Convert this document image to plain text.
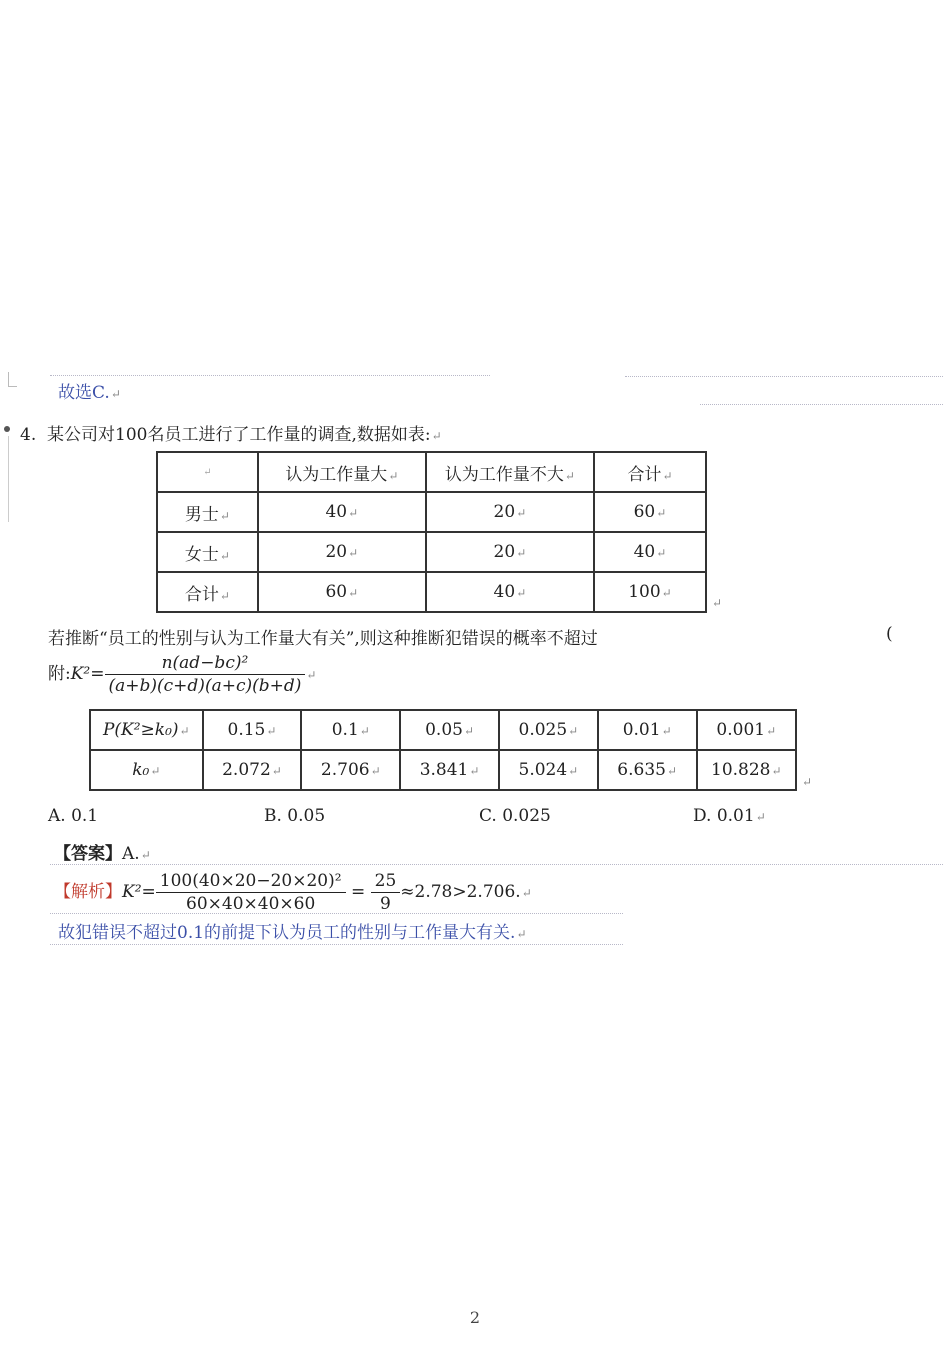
故选C.↵
4. 某公司对100名员工进行了工作量的调查,数据如表:↵
↵	认为工作量大↵	认为工作量不大↵	合计↵
男士↵	40↵	20↵	60↵
女士↵	20↵	20↵	40↵
合计↵	60↵	40↵	100↵
↵
若推断“员工的性别与认为工作量大有关”,则这种推断犯错误的概率不超过	(
附:K²= $\frac{\text{n(ad−bc)²}}{(a+b)(c+d)(a+c)(b+d)}$ ↵
P(K²≥k₀)↵	0.15↵	0.1↵	0.05↵	0.025↵	0.01↵	0.001↵
k₀↵	2.072↵	2.706↵	3.841↵	5.024↵	6.635↵	10.828↵
↵
A. 0.1	B. 0.05	C. 0.025	D. 0.01↵
【答案】A.↵
【解析】$K^2= \frac{\text{100(40×20−20×20)²}}{60\times 40\times 40\times 60} = \frac{25}{9}$ ≈2.78>2.706.↵
故犯错误不超过0.1的前提下认为员工的性别与工作量大有关.↵
2
